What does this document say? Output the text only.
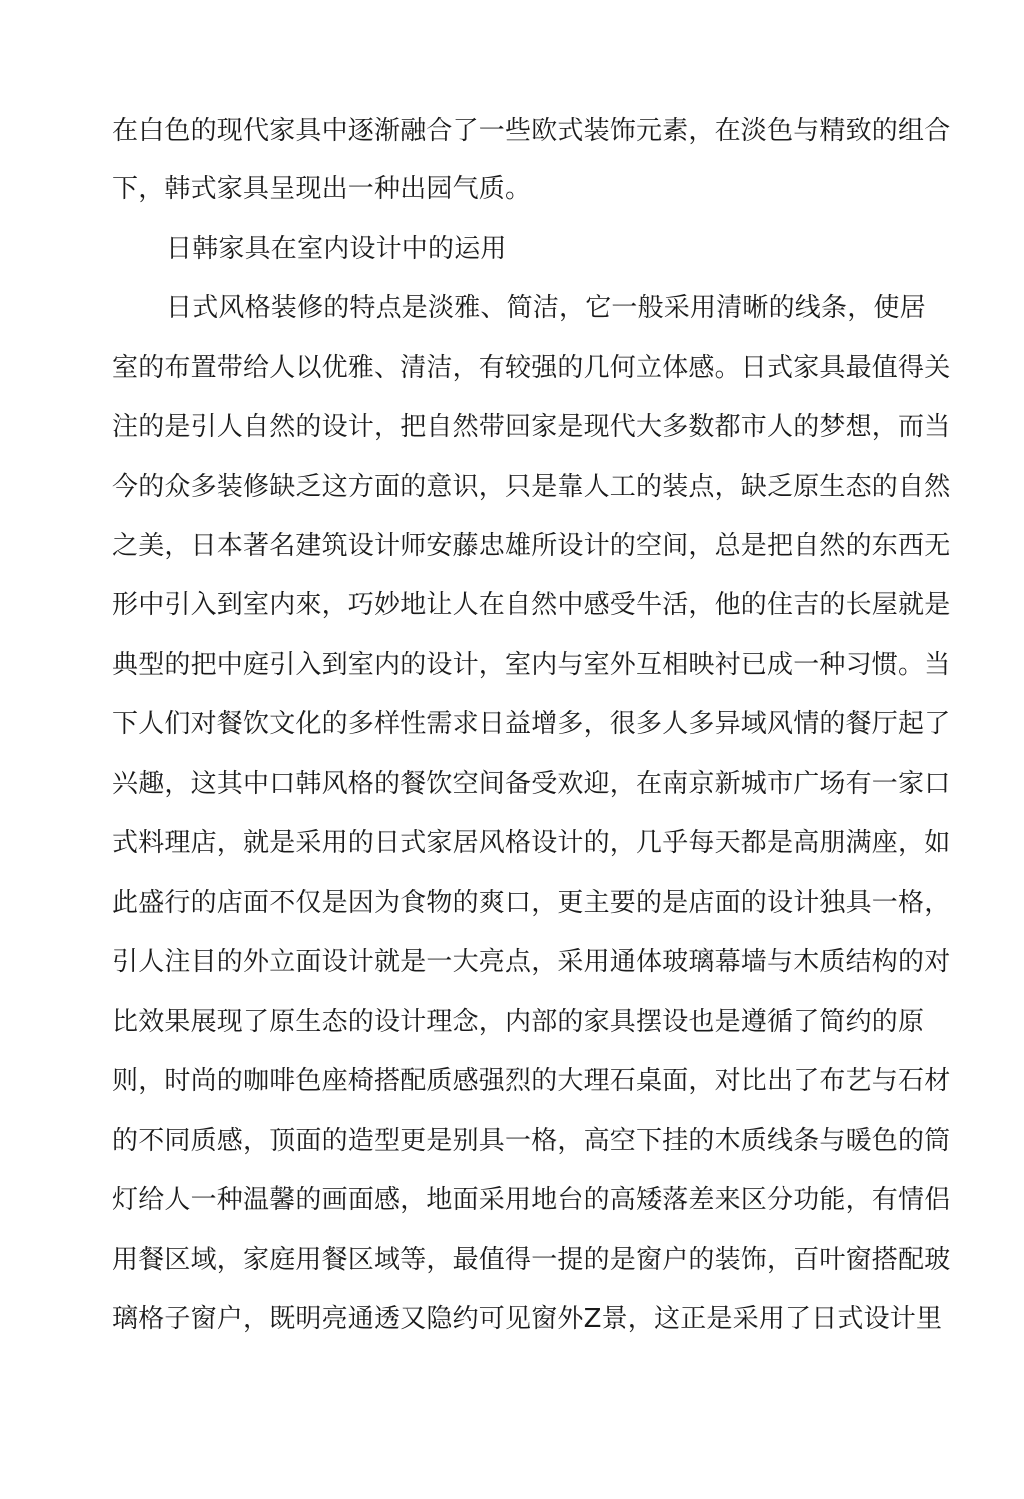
在白色的现代家具中逐渐融合了一些欧式装饰元素，在淡色与精致的组合
下，韩式家具呈现出一种出园气质。
日韩家具在室内设计中的运用
日式风格装修的特点是淡雅、简洁，它一般采用清晰的线条，使居
室的布置带给人以优雅、清洁，有较强的几何立体感。日式家具最值得关
注的是引人自然的设计，把自然带回家是现代大多数都市人的梦想，而当
今的众多装修缺乏这方面的意识，只是靠人工的装点，缺乏原生态的自然
之美，日本著名建筑设计师安藤忠雄所设计的空间，总是把自然的东西无
形中引入到室内來，巧妙地让人在自然中感受牛活，他的住吉的长屋就是
典型的把中庭引入到室内的设计，室内与室外互相映衬已成一种习惯。当
下人们对餐饮文化的多样性需求日益增多，很多人多异域风情的餐厅起了
兴趣，这其中口韩风格的餐饮空间备受欢迎，在南京新城市广场有一家口
式料理店，就是采用的日式家居风格设计的，几乎每天都是高朋满座，如
此盛行的店面不仅是因为食物的爽口，更主要的是店面的设计独具一格，
引人注目的外立面设计就是一大亮点，采用通体玻璃幕墙与木质结构的对
比效果展现了原生态的设计理念，内部的家具摆设也是遵循了简约的原
则，时尚的咖啡色座椅搭配质感强烈的大理石桌面，对比出了布艺与石材
的不同质感，顶面的造型更是别具一格，高空下挂的木质线条与暖色的筒
灯给人一种温馨的画面感，地面采用地台的高矮落差来区分功能，有情侣
用餐区域，家庭用餐区域等，最值得一提的是窗户的装饰，百叶窗搭配玻
璃格子窗户，既明亮通透又隐约可见窗外Z景，这正是采用了日式设计里
